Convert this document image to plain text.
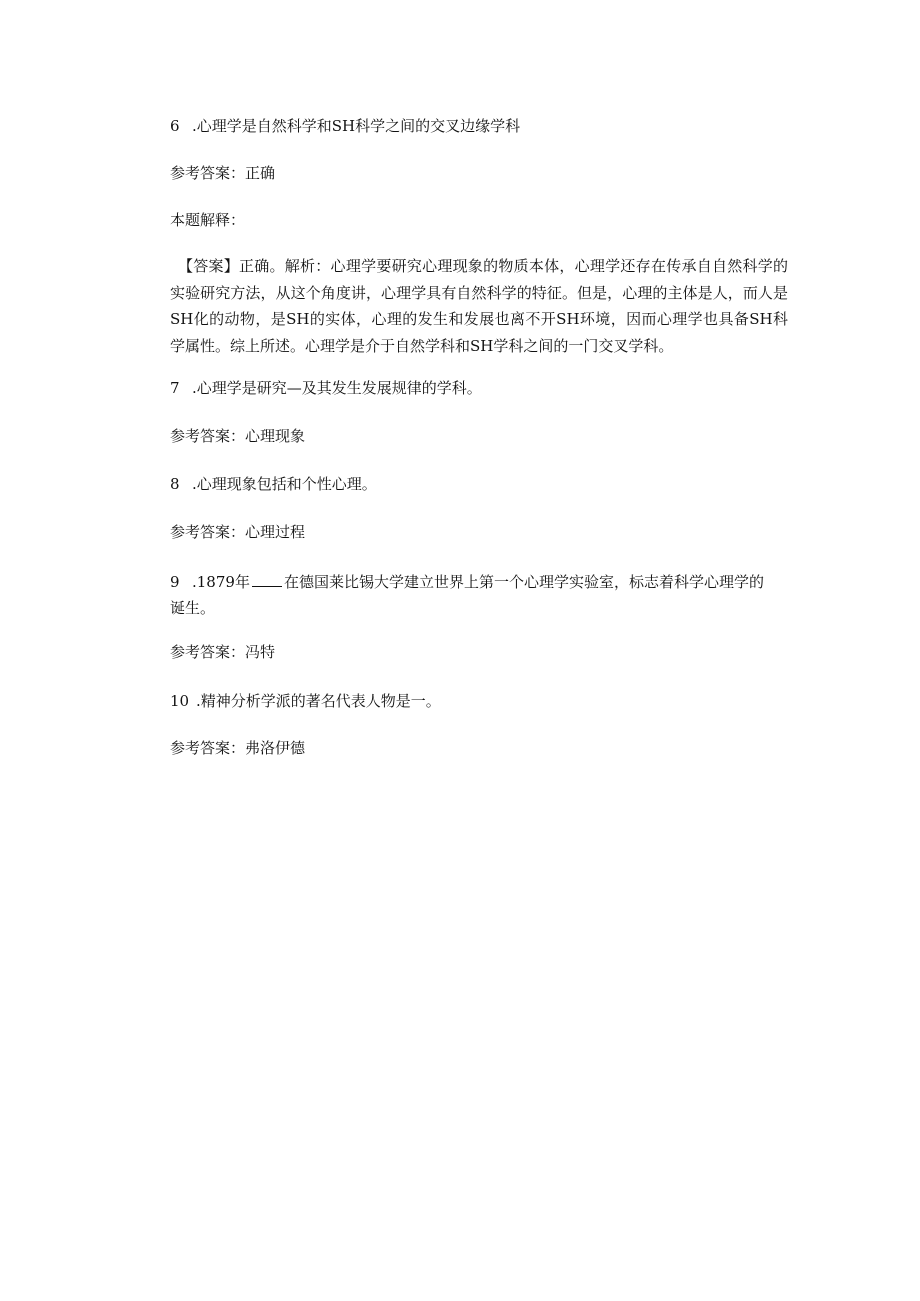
6 .心理学是自然科学和SH科学之间的交叉边缘学科
参考答案：正确
本题解释：
【答案】正确。解析：心理学要研究心理现象的物质本体，心理学还存在传承自自然科学的实验研究方法，从这个角度讲，心理学具有自然科学的特征。但是，心理的主体是人，而人是SH化的动物，是SH的实体，心理的发生和发展也离不开SH环境，因而心理学也具备SH科学属性。综上所述。心理学是介于自然学科和SH学科之间的一门交叉学科。
7 .心理学是研究—及其发生发展规律的学科。
参考答案：心理现象
8 .心理现象包括和个性心理。
参考答案：心理过程
9 .1879年 在德国莱比锡大学建立世界上第一个心理学实验室，标志着科学心理学的诞生。
参考答案：冯特
10 .精神分析学派的著名代表人物是一。
参考答案：弗洛伊德
